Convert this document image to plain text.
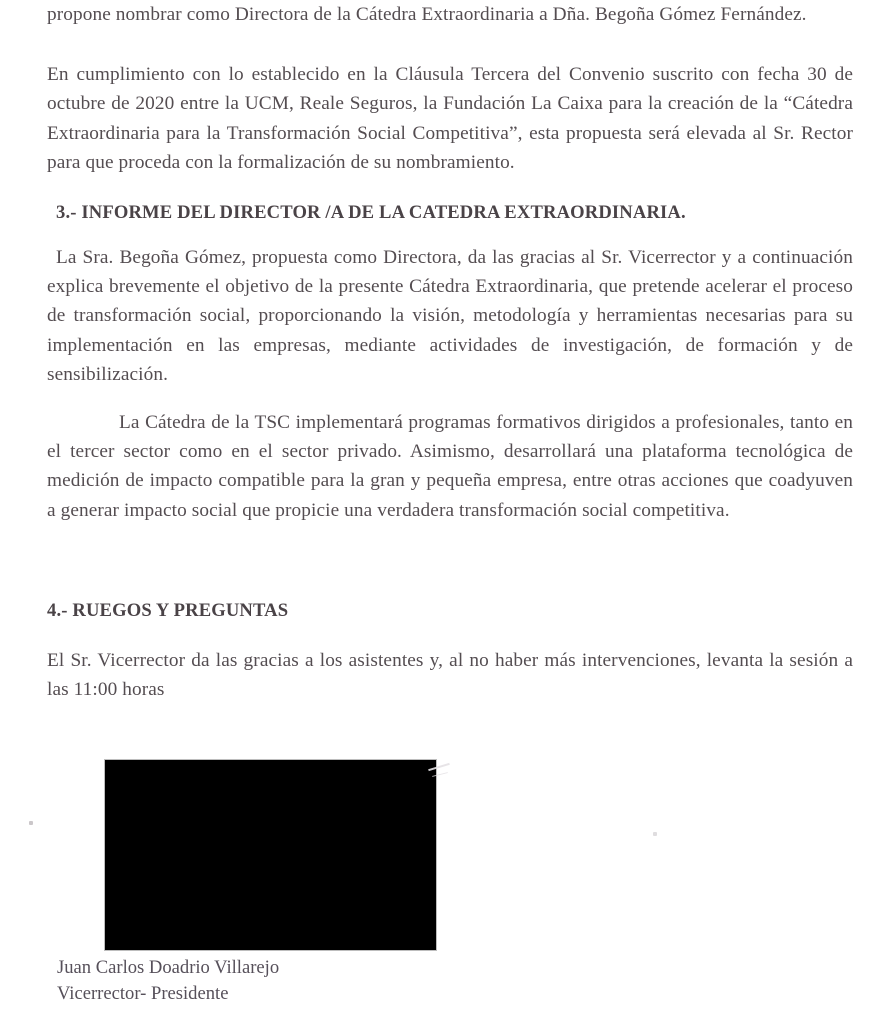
propone nombrar como Directora de la Cátedra Extraordinaria a Dña. Begoña Gómez Fernández.

En cumplimiento con lo establecido en la Cláusula Tercera del Convenio suscrito con fecha 30 de octubre de 2020 entre la UCM, Reale Seguros, la Fundación La Caixa para la creación de la “Cátedra Extraordinaria para la Transformación Social Competitiva”, esta propuesta será elevada al Sr. Rector para que proceda con la formalización de su nombramiento.

3.- INFORME DEL DIRECTOR /A DE LA CATEDRA EXTRAORDINARIA.

La Sra. Begoña Gómez, propuesta como Directora, da las gracias al Sr. Vicerrector y a continuación explica brevemente el objetivo de la presente Cátedra Extraordinaria, que pretende acelerar el proceso de transformación social, proporcionando la visión, metodología y herramientas necesarias para su implementación en las empresas, mediante actividades de investigación, de formación y de sensibilización.

La Cátedra de la TSC implementará programas formativos dirigidos a profesionales, tanto en el tercer sector como en el sector privado. Asimismo, desarrollará una plataforma tecnológica de medición de impacto compatible para la gran y pequeña empresa, entre otras acciones que coadyuven a generar impacto social que propicie una verdadera transformación social competitiva.

4.- RUEGOS Y PREGUNTAS

El Sr. Vicerrector da las gracias a los asistentes y, al no haber más intervenciones, levanta la sesión a las 11:00 horas

Juan Carlos Doadrio Villarejo
Vicerrector- Presidente
